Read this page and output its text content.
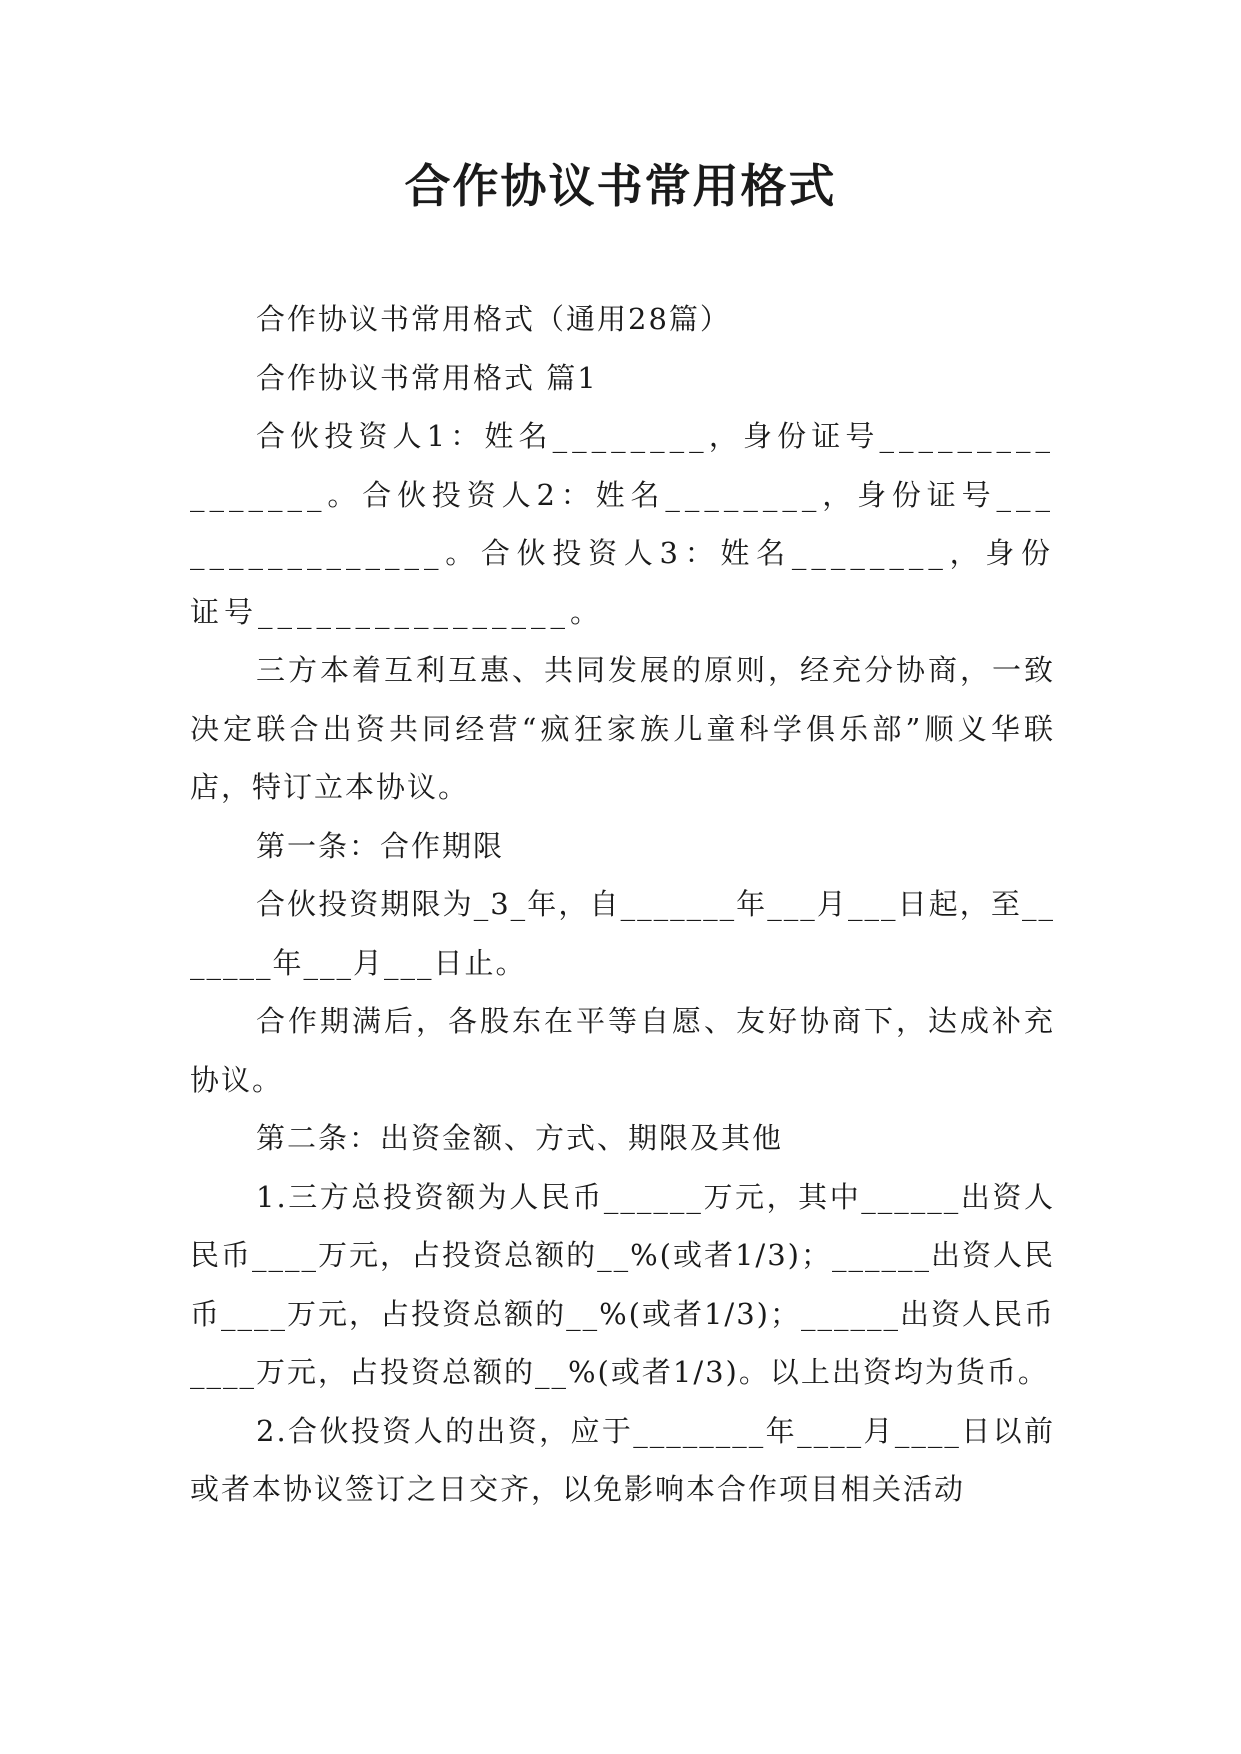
合作协议书常用格式

合作协议书常用格式（通用28篇）

合作协议书常用格式 篇1

合伙投资人1：姓名________，身份证号________________。合伙投资人2：姓名________，身份证号________________。合伙投资人3：姓名________，身份证号________________。

三方本着互利互惠、共同发展的原则，经充分协商，一致决定联合出资共同经营“疯狂家族儿童科学俱乐部”顺义华联店，特订立本协议。

第一条：合作期限

合伙投资期限为_3_年，自_______年___月___日起，至_______年___月___日止。

合作期满后，各股东在平等自愿、友好协商下，达成补充协议。

第二条：出资金额、方式、期限及其他

1.三方总投资额为人民币______万元，其中______出资人民币____万元，占投资总额的__%(或者1/3)；______出资人民币____万元，占投资总额的__%(或者1/3)；______出资人民币____万元，占投资总额的__%(或者1/3)。以上出资均为货币。

2.合伙投资人的出资，应于________年____月____日以前或者本协议签订之日交齐，以免影响本合作项目相关活动
